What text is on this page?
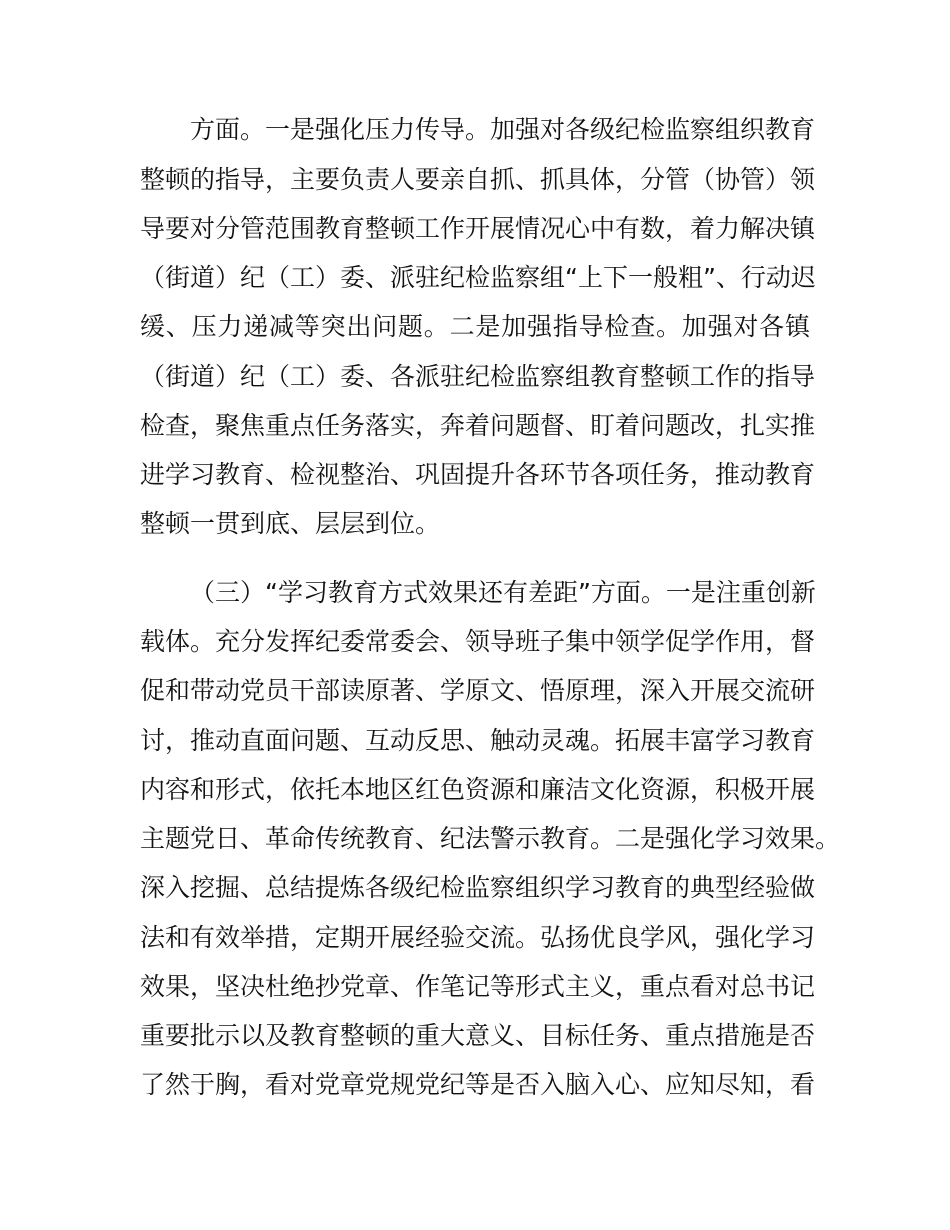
方面。一是强化压力传导。加强对各级纪检监察组织教育
整顿的指导，主要负责人要亲自抓、抓具体，分管（协管）领
导要对分管范围教育整顿工作开展情况心中有数，着力解决镇
（街道）纪（工）委、派驻纪检监察组“上下一般粗”、行动迟
缓、压力递减等突出问题。二是加强指导检查。加强对各镇
（街道）纪（工）委、各派驻纪检监察组教育整顿工作的指导
检查，聚焦重点任务落实，奔着问题督、盯着问题改，扎实推
进学习教育、检视整治、巩固提升各环节各项任务，推动教育
整顿一贯到底、层层到位。
（三）“学习教育方式效果还有差距”方面。一是注重创新
载体。充分发挥纪委常委会、领导班子集中领学促学作用，督
促和带动党员干部读原著、学原文、悟原理，深入开展交流研
讨，推动直面问题、互动反思、触动灵魂。拓展丰富学习教育
内容和形式，依托本地区红色资源和廉洁文化资源，积极开展
主题党日、革命传统教育、纪法警示教育。二是强化学习效果。
深入挖掘、总结提炼各级纪检监察组织学习教育的典型经验做
法和有效举措，定期开展经验交流。弘扬优良学风，强化学习
效果，坚决杜绝抄党章、作笔记等形式主义，重点看对总书记
重要批示以及教育整顿的重大意义、目标任务、重点措施是否
了然于胸，看对党章党规党纪等是否入脑入心、应知尽知，看
